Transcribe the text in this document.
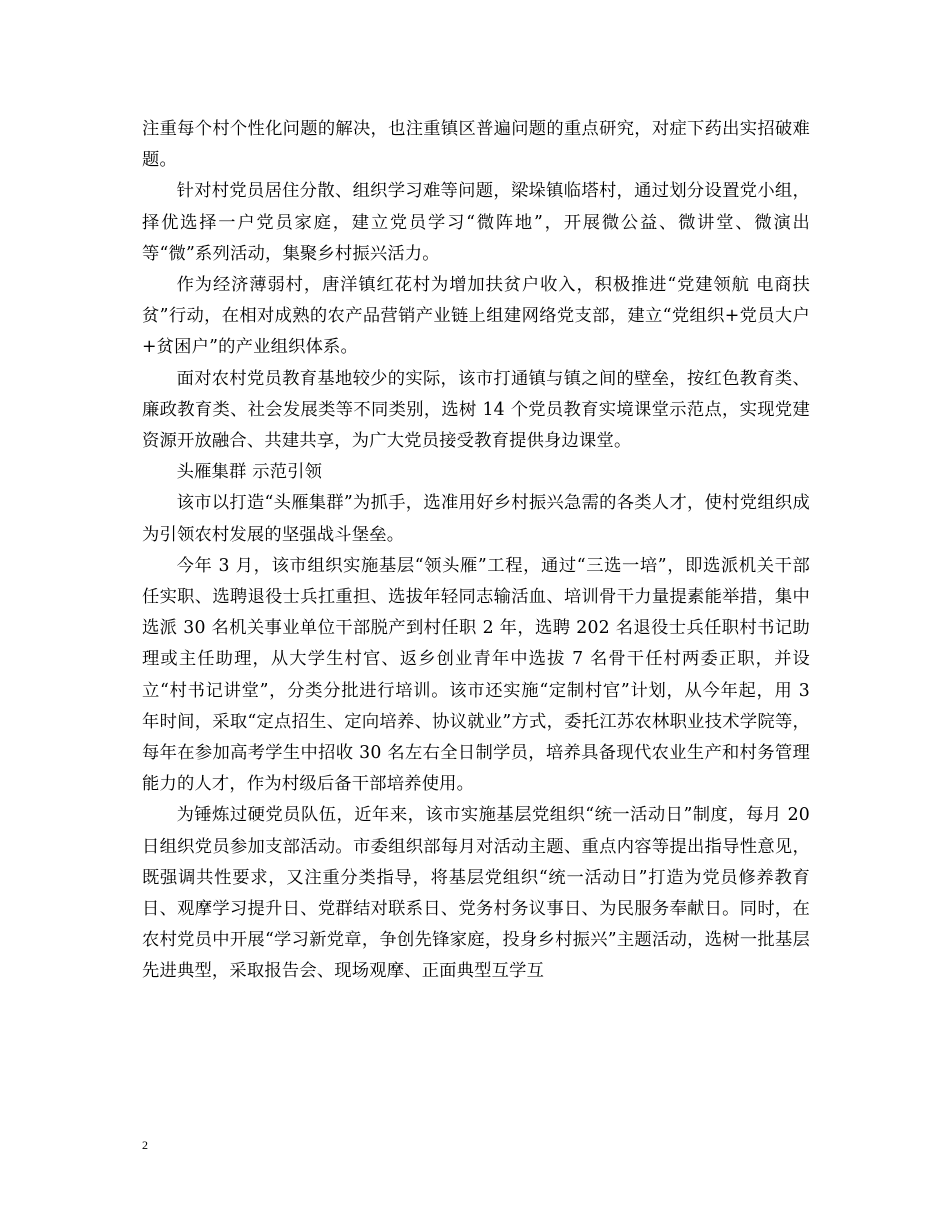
注重每个村个性化问题的解决，也注重镇区普遍问题的重点研究，对症下药出实招破难题。

针对村党员居住分散、组织学习难等问题，梁垛镇临塔村，通过划分设置党小组，择优选择一户党员家庭，建立党员学习“微阵地”，开展微公益、微讲堂、微演出等“微”系列活动，集聚乡村振兴活力。

作为经济薄弱村，唐洋镇红花村为增加扶贫户收入，积极推进“党建领航 电商扶贫”行动，在相对成熟的农产品营销产业链上组建网络党支部，建立“党组织+党员大户+贫困户”的产业组织体系。

面对农村党员教育基地较少的实际，该市打通镇与镇之间的壁垒，按红色教育类、廉政教育类、社会发展类等不同类别，选树 14 个党员教育实境课堂示范点，实现党建资源开放融合、共建共享，为广大党员接受教育提供身边课堂。

头雁集群 示范引领

该市以打造“头雁集群”为抓手，选准用好乡村振兴急需的各类人才，使村党组织成为引领农村发展的坚强战斗堡垒。

今年 3 月，该市组织实施基层“领头雁”工程，通过“三选一培”，即选派机关干部任实职、选聘退役士兵扛重担、选拔年轻同志输活血、培训骨干力量提素能举措，集中选派 30 名机关事业单位干部脱产到村任职 2 年，选聘 202 名退役士兵任职村书记助理或主任助理，从大学生村官、返乡创业青年中选拔 7 名骨干任村两委正职，并设立“村书记讲堂”，分类分批进行培训。该市还实施“定制村官”计划，从今年起，用 3 年时间，采取“定点招生、定向培养、协议就业”方式，委托江苏农林职业技术学院等，每年在参加高考学生中招收 30 名左右全日制学员，培养具备现代农业生产和村务管理能力的人才，作为村级后备干部培养使用。

为锤炼过硬党员队伍，近年来，该市实施基层党组织“统一活动日”制度，每月 20 日组织党员参加支部活动。市委组织部每月对活动主题、重点内容等提出指导性意见，既强调共性要求，又注重分类指导，将基层党组织“统一活动日”打造为党员修养教育日、观摩学习提升日、党群结对联系日、党务村务议事日、为民服务奉献日。同时，在农村党员中开展“学习新党章，争创先锋家庭，投身乡村振兴”主题活动，选树一批基层先进典型，采取报告会、现场观摩、正面典型互学互

2
